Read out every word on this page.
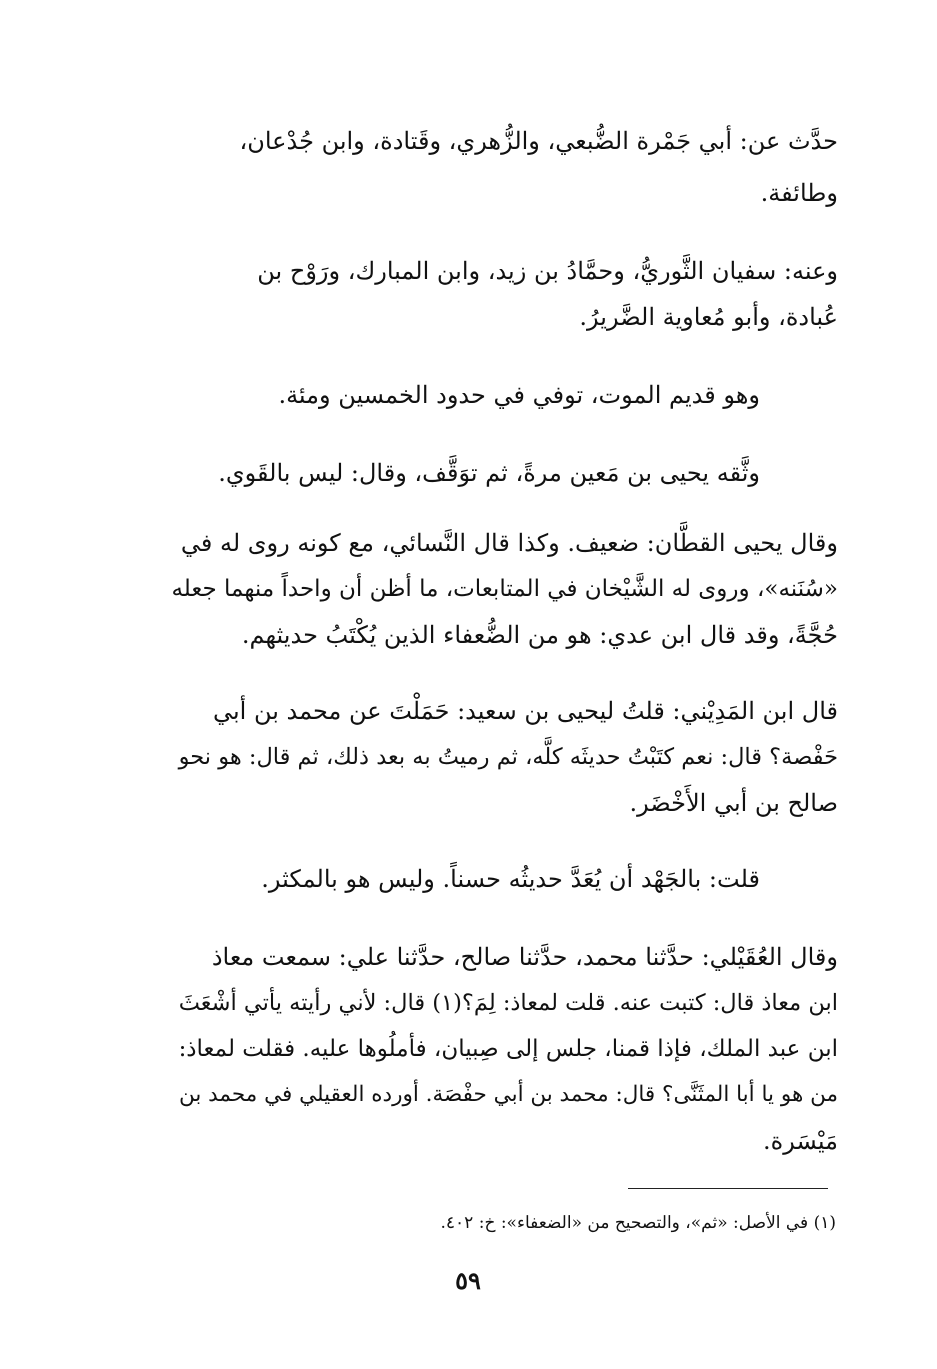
حدَّث عن: أبي جَمْرة الضُّبعي، والزُّهري، وقَتادة، وابن جُدْعان،
وطائفة.

وعنه: سفيان الثَّوريُّ، وحمَّادُ بن زيد، وابن المبارك، ورَوْح بن
عُبادة، وأبو مُعاوية الضَّريرُ.

وهو قديم الموت، توفي في حدود الخمسين ومئة.

وثَّقه يحيى بن مَعين مرةً، ثم توَقَّف، وقال: ليس بالقَوي.

وقال يحيى القطَّان: ضعيف. وكذا قال النَّسائي، مع كونه روى له في
«سُنَنه»، وروى له الشَّيْخان في المتابعات، ما أظن أن واحداً منهما جعله
حُجَّةً، وقد قال ابن عدي: هو من الضُّعفاء الذين يُكْتَبُ حديثهم.

قال ابن المَدِيْني: قلتُ ليحيى بن سعيد: حَمَلْتَ عن محمد بن أبي
حَفْصة؟ قال: نعم كتَبْتُ حديثَه كلَّه، ثم رميتُ به بعد ذلك، ثم قال: هو نحو
صالح بن أبي الأَخْضَر.

قلت: بالجَهْد أن يُعَدَّ حديثُه حسناً. وليس هو بالمكثر.

وقال العُقَيْلي: حدَّثنا محمد، حدَّثنا صالح، حدَّثنا علي: سمعت معاذ
ابن معاذ قال: كتبت عنه. قلت لمعاذ: لِمَ؟(١) قال: لأني رأيته يأتي أشْعَثَ
ابن عبد الملك، فإذا قمنا، جلس إلى صِبيان، فأملُوها عليه. فقلت لمعاذ:
من هو يا أبا المثَنَّى؟ قال: محمد بن أبي حفْصَة. أورده العقيلي في محمد بن
مَيْسَرة.

(١) في الأصل: «ثم»، والتصحيح من «الضعفاء»: خ: ٤٠٢.

٥٩
